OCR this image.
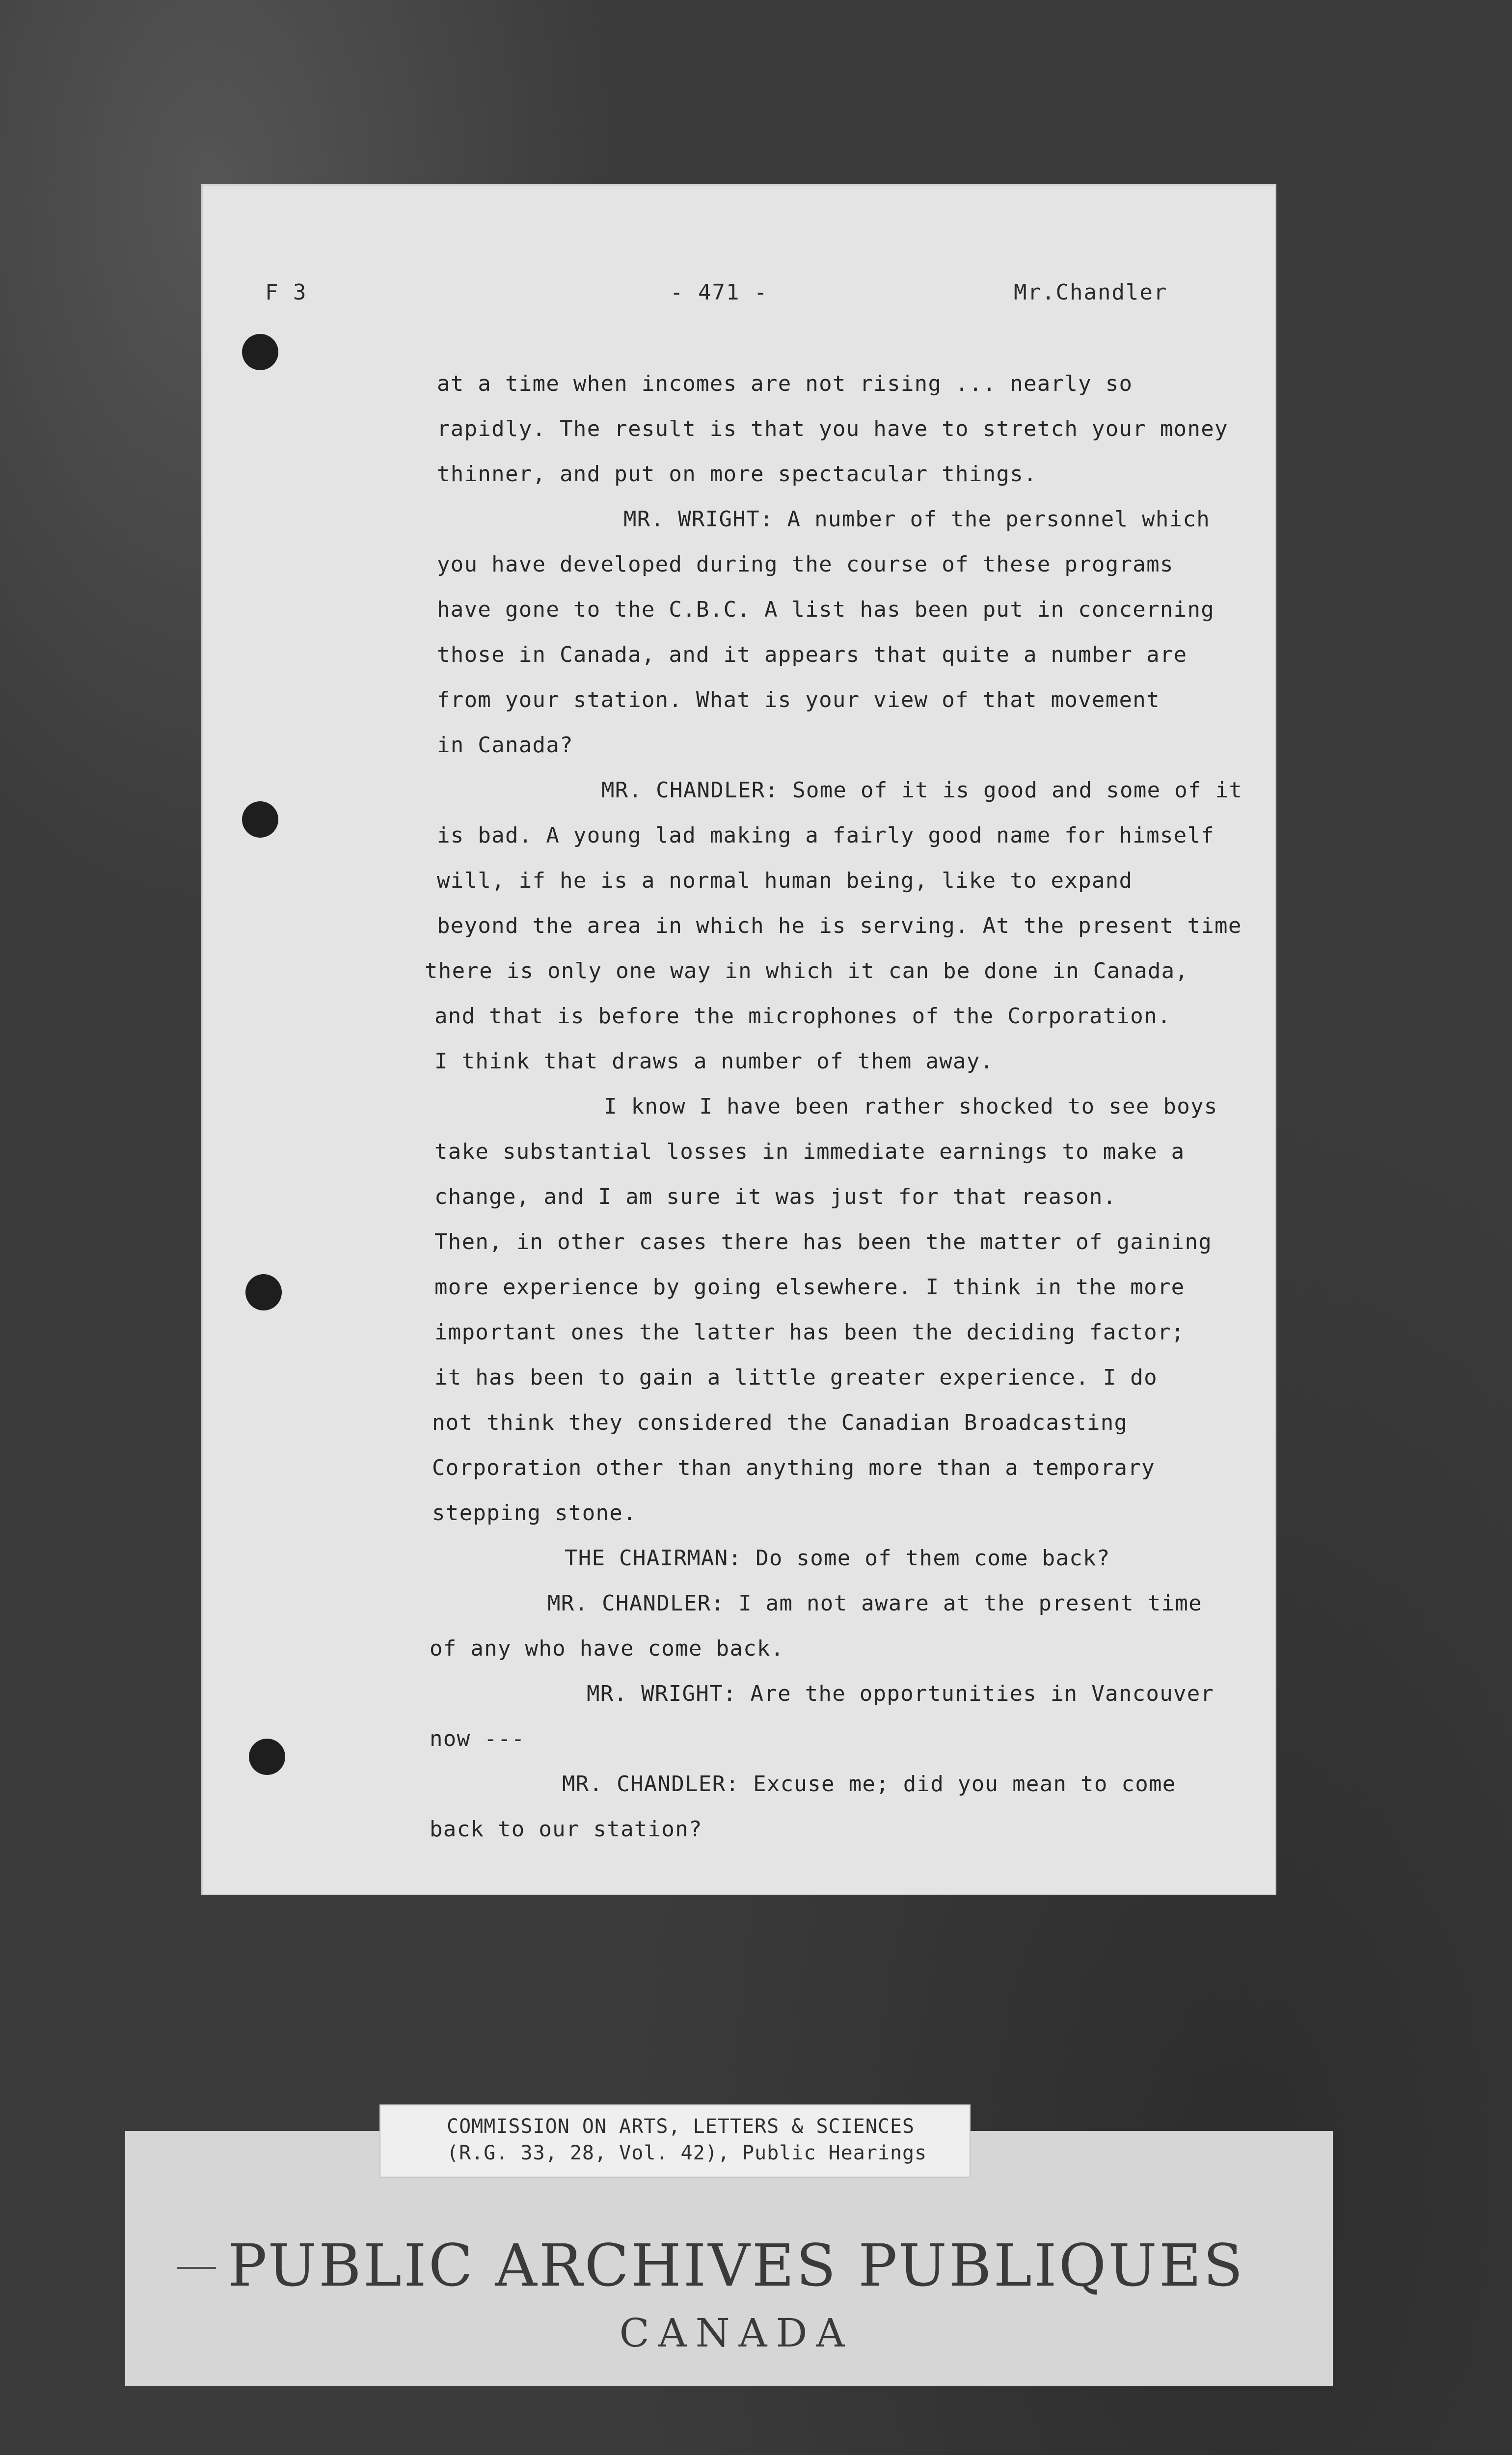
F 3	- 471 -	Mr.Chandler
at a time when incomes are not rising ... nearly so
rapidly. The result is that you have to stretch your money
thinner, and put on more spectacular things.
MR. WRIGHT: A number of the personnel which
you have developed during the course of these programs
have gone to the C.B.C. A list has been put in concerning
those in Canada, and it appears that quite a number are
from your station. What is your view of that movement
in Canada?
MR. CHANDLER: Some of it is good and some of it
is bad. A young lad making a fairly good name for himself
will, if he is a normal human being, like to expand
beyond the area in which he is serving. At the present time
there is only one way in which it can be done in Canada,
and that is before the microphones of the Corporation.
I think that draws a number of them away.
I know I have been rather shocked to see boys
take substantial losses in immediate earnings to make a
change, and I am sure it was just for that reason.
Then, in other cases there has been the matter of gaining
more experience by going elsewhere. I think in the more
important ones the latter has been the deciding factor;
it has been to gain a little greater experience. I do
not think they considered the Canadian Broadcasting
Corporation other than anything more than a temporary
stepping stone.
THE CHAIRMAN: Do some of them come back?
MR. CHANDLER: I am not aware at the present time
of any who have come back.
MR. WRIGHT: Are the opportunities in Vancouver
now ---
MR. CHANDLER: Excuse me; did you mean to come
back to our station?
COMMISSION ON ARTS, LETTERS & SCIENCES
(R.G. 33, 28, Vol. 42), Public Hearings
PUBLIC ARCHIVES PUBLIQUES
CANADA
